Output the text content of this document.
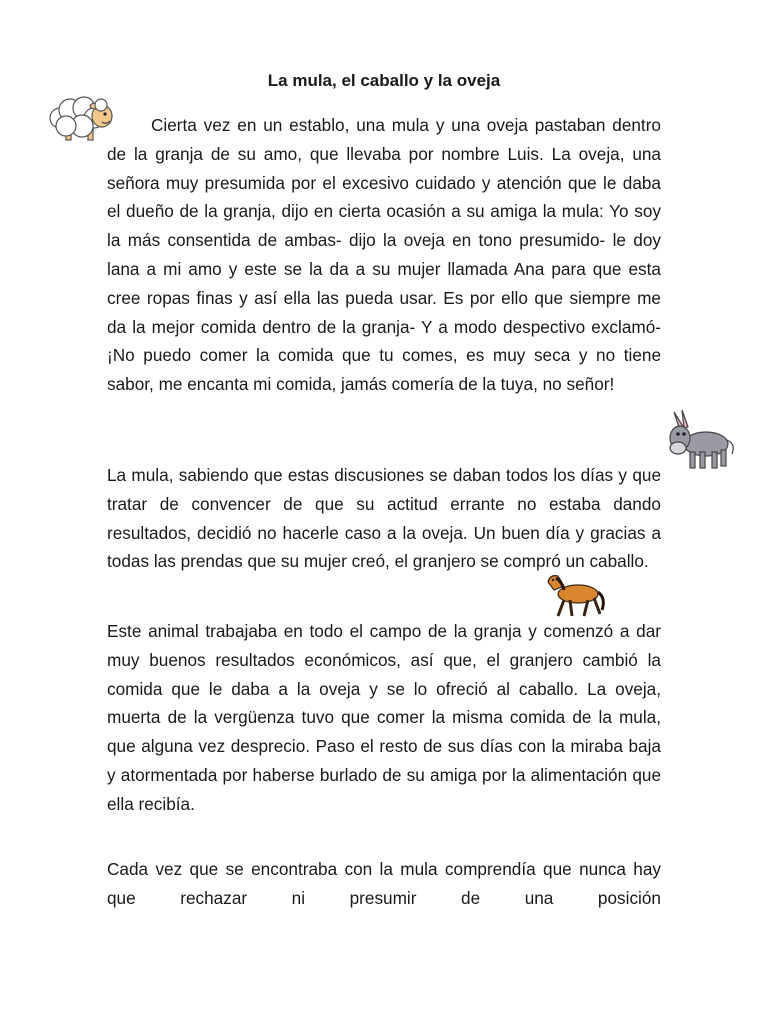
La mula, el caballo y la oveja

Cierta vez en un establo, una mula y una oveja pastaban dentro de la granja de su amo, que llevaba por nombre Luis. La oveja, una señora muy presumida por el excesivo cuidado y atención que le daba el dueño de la granja, dijo en cierta ocasión a su amiga la mula: Yo soy la más consentida de ambas- dijo la oveja en tono presumido- le doy lana a mi amo y este se la da a su mujer llamada Ana para que esta cree ropas finas y así ella las pueda usar. Es por ello que siempre me da la mejor comida dentro de la granja- Y a modo despectivo exclamó- ¡No puedo comer la comida que tu comes, es muy seca y no tiene sabor, me encanta mi comida, jamás comería de la tuya, no señor!

La mula, sabiendo que estas discusiones se daban todos los días y que tratar de convencer de que su actitud errante no estaba dando resultados, decidió no hacerle caso a la oveja. Un buen día y gracias a todas las prendas que su mujer creó, el granjero se compró un caballo.

Este animal trabajaba en todo el campo de la granja y comenzó a dar muy buenos resultados económicos, así que, el granjero cambió la comida que le daba a la oveja y se lo ofreció al caballo. La oveja, muerta de la vergüenza tuvo que comer la misma comida de la mula, que alguna vez desprecio. Paso el resto de sus días con la miraba baja y atormentada por haberse burlado de su amiga por la alimentación que ella recibía.

Cada vez que se encontraba con la mula comprendía que nunca hay que rechazar ni presumir de una posición
